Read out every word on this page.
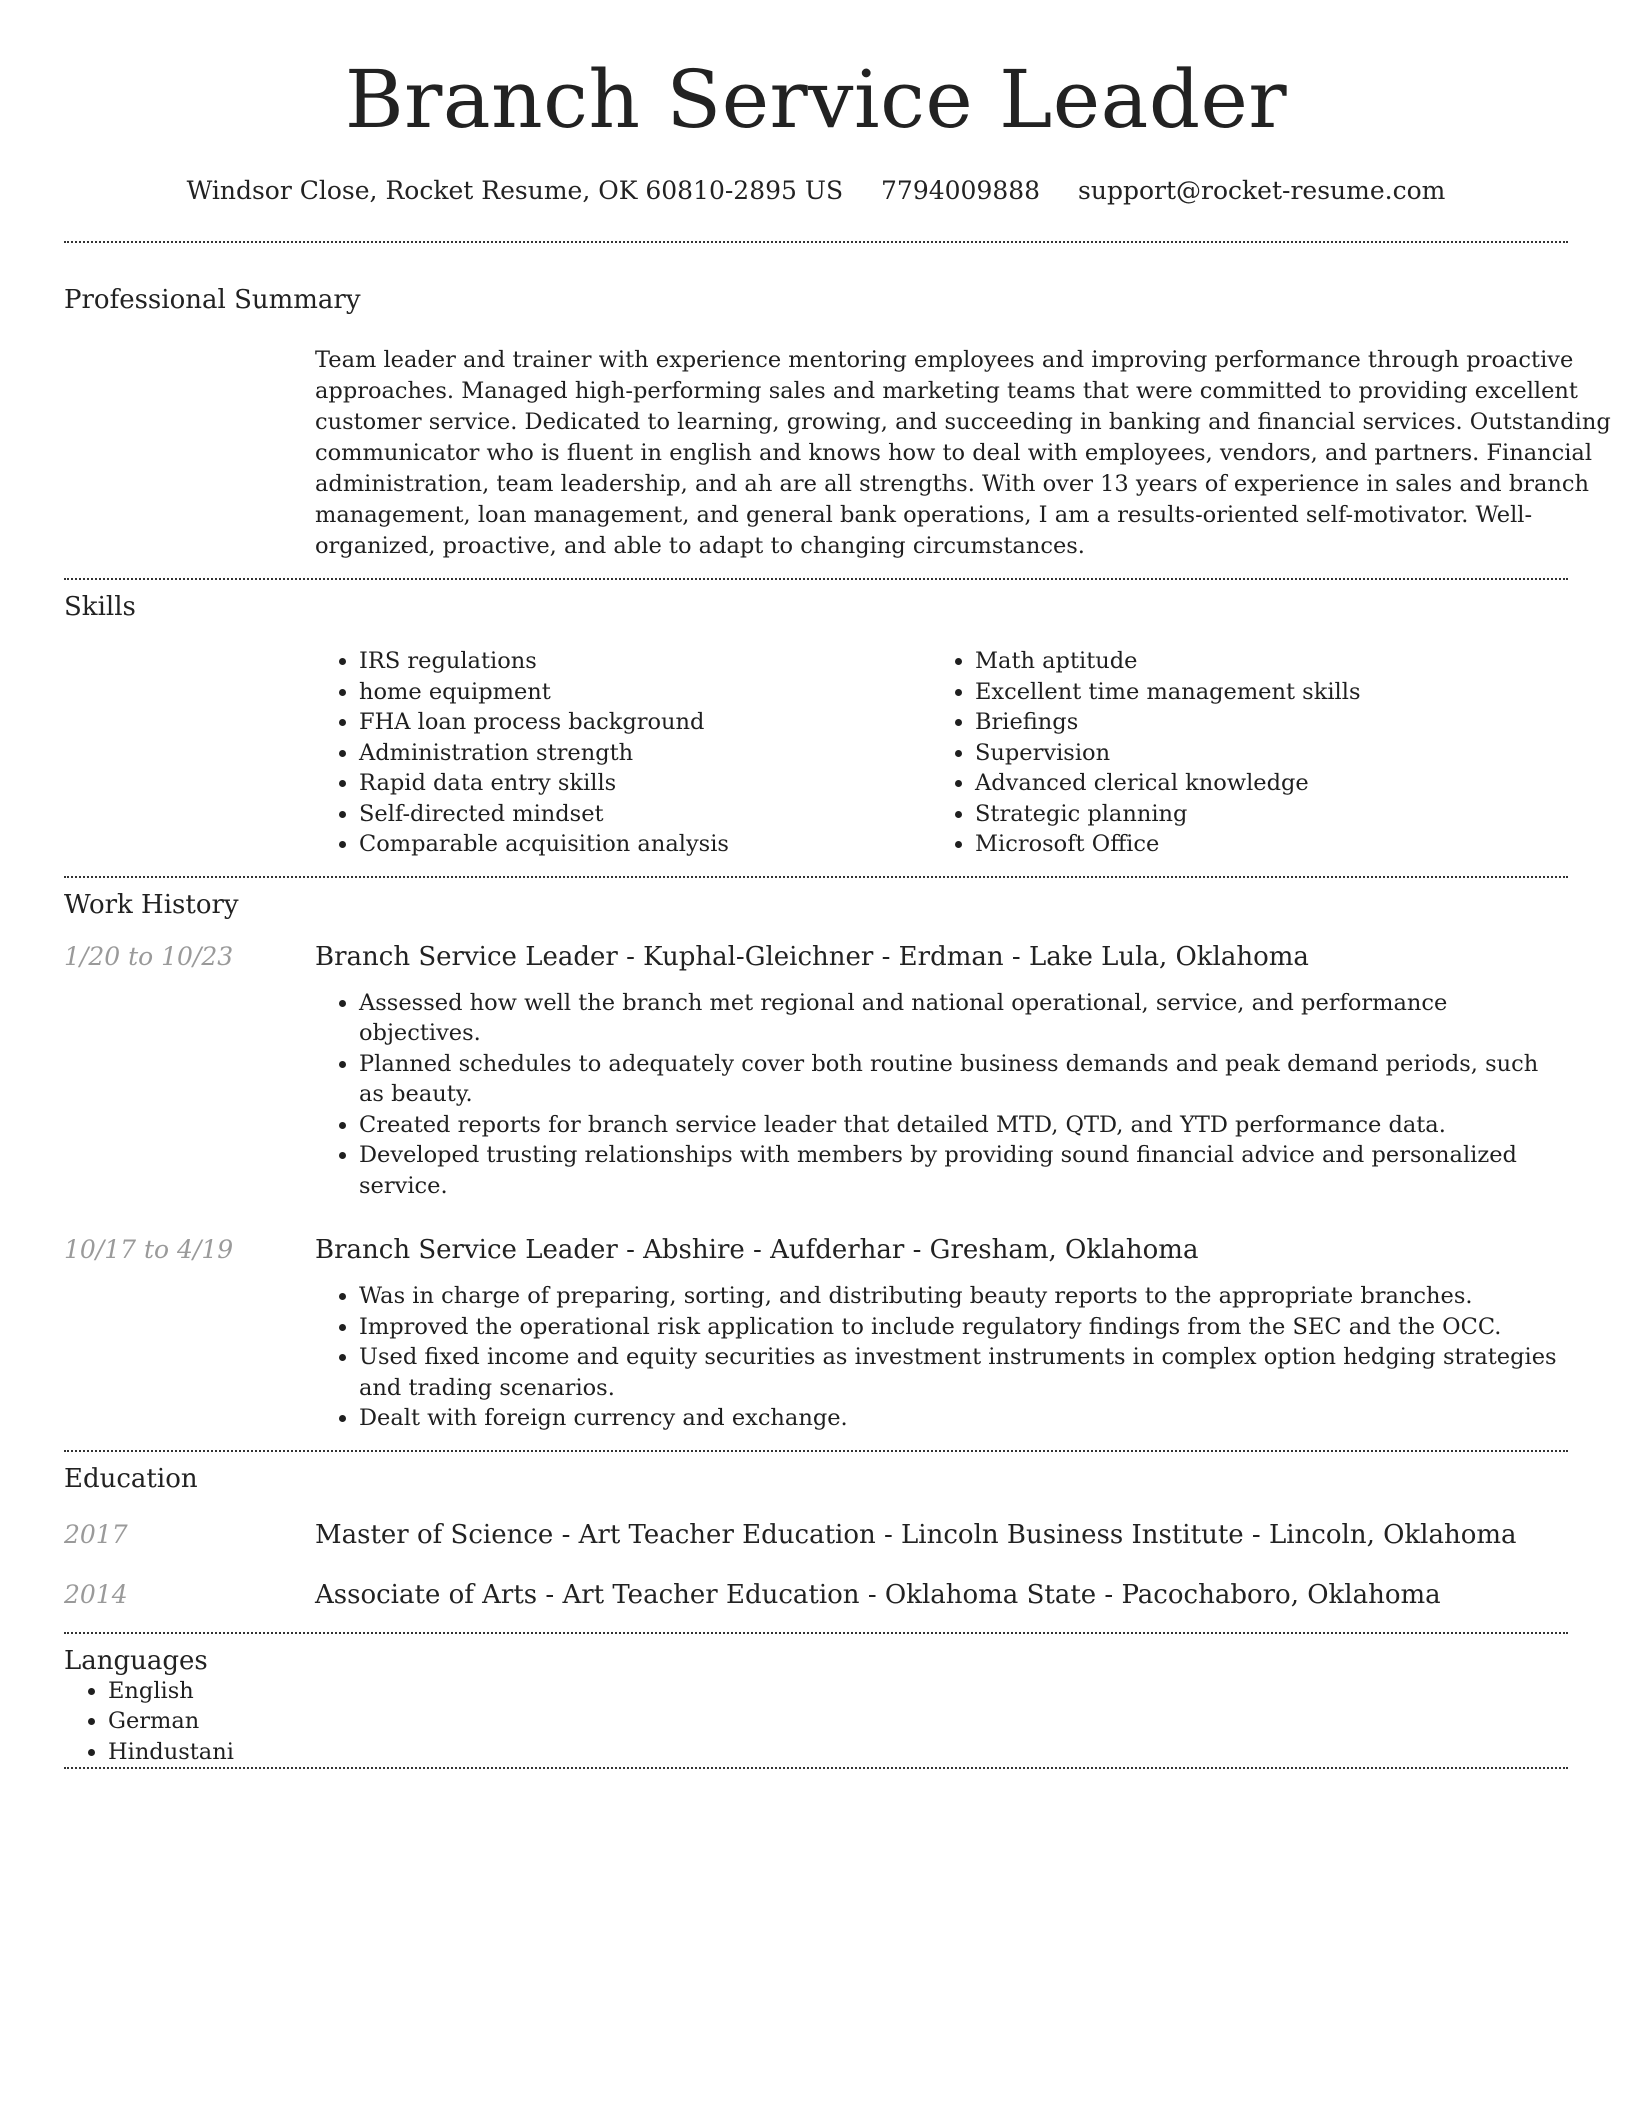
Branch Service Leader
Windsor Close, Rocket Resume, OK 60810-2895 US 7794009888 support@rocket-resume.com
Professional Summary
Team leader and trainer with experience mentoring employees and improving performance through proactive approaches. Managed high-performing sales and marketing teams that were committed to providing excellent customer service. Dedicated to learning, growing, and succeeding in banking and financial services. Outstanding communicator who is fluent in english and knows how to deal with employees, vendors, and partners. Financial administration, team leadership, and ah are all strengths. With over 13 years of experience in sales and branch management, loan management, and general bank operations, I am a results-oriented self-motivator. Well-organized, proactive, and able to adapt to changing circumstances.
Skills
• IRS regulations
• home equipment
• FHA loan process background
• Administration strength
• Rapid data entry skills
• Self-directed mindset
• Comparable acquisition analysis
• Math aptitude
• Excellent time management skills
• Briefings
• Supervision
• Advanced clerical knowledge
• Strategic planning
• Microsoft Office
Work History
1/20 to 10/23	Branch Service Leader - Kuphal-Gleichner - Erdman - Lake Lula, Oklahoma
• Assessed how well the branch met regional and national operational, service, and performance objectives.
• Planned schedules to adequately cover both routine business demands and peak demand periods, such as beauty.
• Created reports for branch service leader that detailed MTD, QTD, and YTD performance data.
• Developed trusting relationships with members by providing sound financial advice and personalized service.
10/17 to 4/19	Branch Service Leader - Abshire - Aufderhar - Gresham, Oklahoma
• Was in charge of preparing, sorting, and distributing beauty reports to the appropriate branches.
• Improved the operational risk application to include regulatory findings from the SEC and the OCC.
• Used fixed income and equity securities as investment instruments in complex option hedging strategies and trading scenarios.
• Dealt with foreign currency and exchange.
Education
2017	Master of Science - Art Teacher Education - Lincoln Business Institute - Lincoln, Oklahoma
2014	Associate of Arts - Art Teacher Education - Oklahoma State - Pacochaboro, Oklahoma
Languages
• English
• German
• Hindustani
